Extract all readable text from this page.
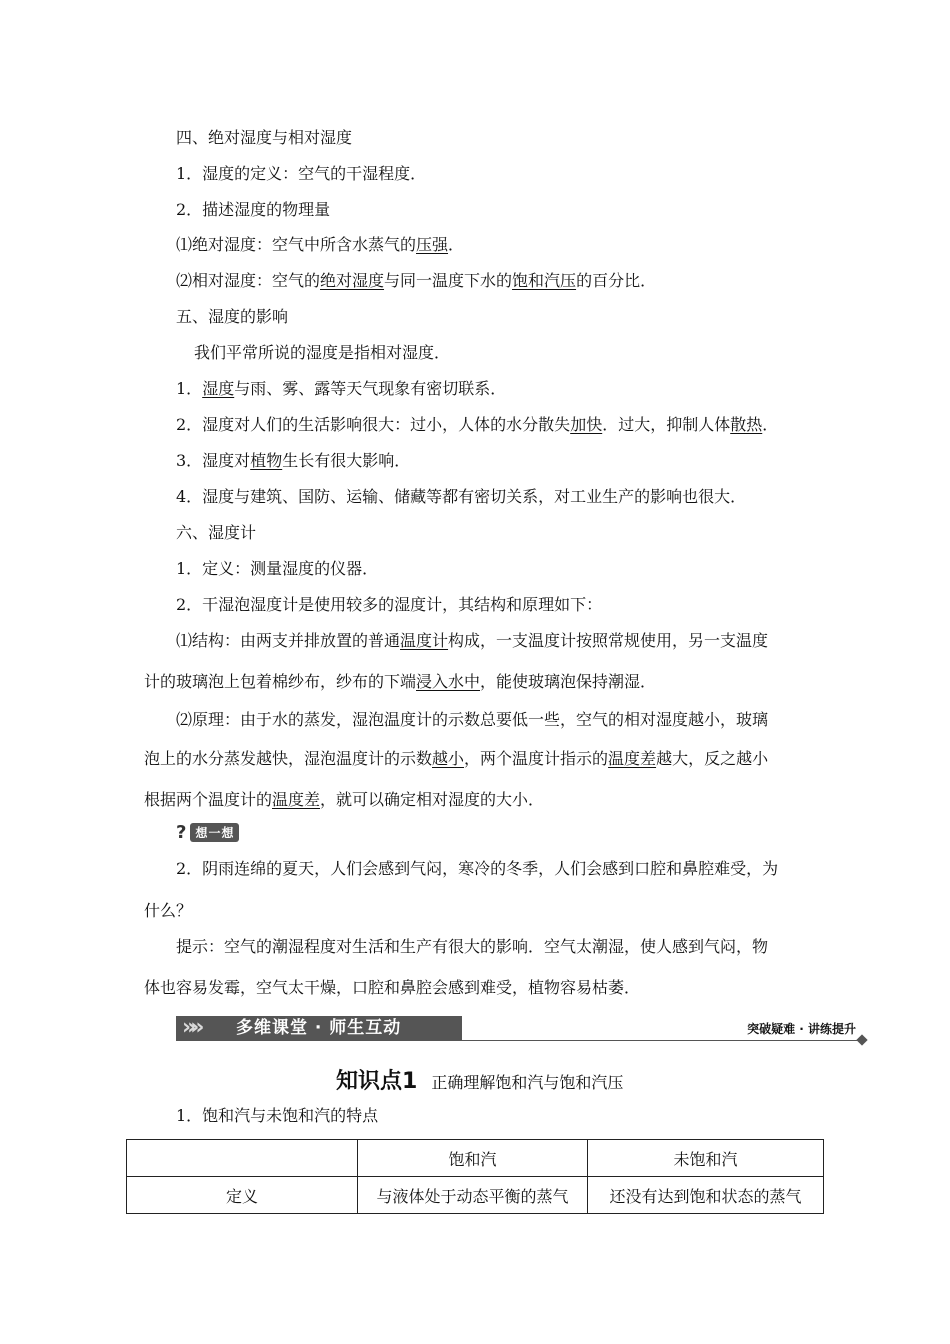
四、绝对湿度与相对湿度
1．湿度的定义：空气的干湿程度．
2．描述湿度的物理量
⑴绝对湿度：空气中所含水蒸气的压强．
⑵相对湿度：空气的绝对湿度与同一温度下水的饱和汽压的百分比．
五、湿度的影响
我们平常所说的湿度是指相对湿度．
1．湿度与雨、雾、露等天气现象有密切联系．
2．湿度对人们的生活影响很大：过小，人体的水分散失加快．过大，抑制人体散热．
3．湿度对植物生长有很大影响．
4．湿度与建筑、国防、运输、储藏等都有密切关系，对工业生产的影响也很大．
六、湿度计
1．定义：测量湿度的仪器．
2．干湿泡湿度计是使用较多的湿度计，其结构和原理如下：
⑴结构：由两支并排放置的普通温度计构成，一支温度计按照常规使用，另一支温度
计的玻璃泡上包着棉纱布，纱布的下端浸入水中，能使玻璃泡保持潮湿．
⑵原理：由于水的蒸发，湿泡温度计的示数总要低一些，空气的相对湿度越小，玻璃
泡上的水分蒸发越快，湿泡温度计的示数越小，两个温度计指示的温度差越大，反之越小
根据两个温度计的温度差，就可以确定相对湿度的大小．
? 想一想
2．阴雨连绵的夏天，人们会感到气闷，寒冷的冬季，人们会感到口腔和鼻腔难受，为
什么？
提示：空气的潮湿程度对生活和生产有很大的影响．空气太潮湿，使人感到气闷，物
体也容易发霉，空气太干燥，口腔和鼻腔会感到难受，植物容易枯萎．
»» 多维课堂 · 师生互动	突破疑难 · 讲练提升
知识点1 正确理解饱和汽与饱和汽压
1．饱和汽与未饱和汽的特点
	饱和汽	未饱和汽
定义	与液体处于动态平衡的蒸气	还没有达到饱和状态的蒸气
